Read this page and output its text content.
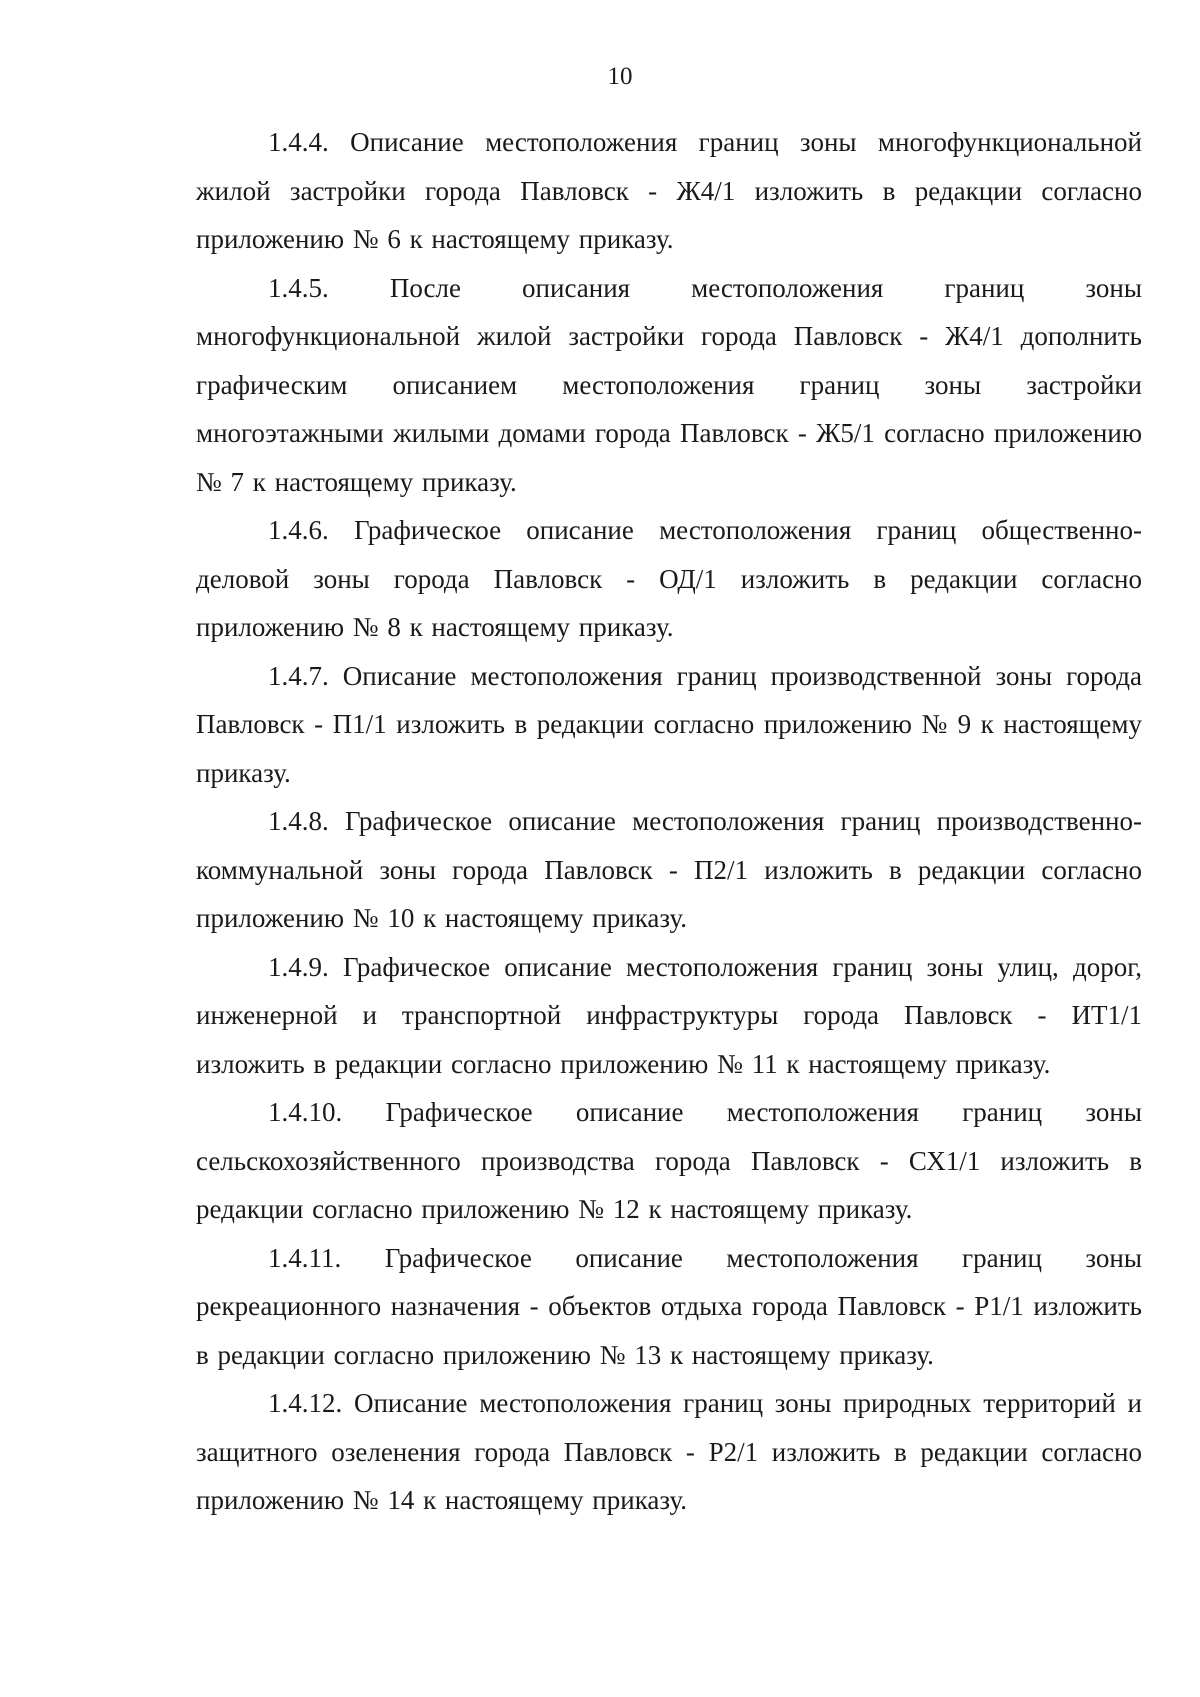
10

1.4.4. Описание местоположения границ зоны многофункциональной жилой застройки города Павловск - Ж4/1 изложить в редакции согласно приложению № 6 к настоящему приказу.

1.4.5. После описания местоположения границ зоны многофункциональной жилой застройки города Павловск - Ж4/1 дополнить графическим описанием местоположения границ зоны застройки многоэтажными жилыми домами города Павловск - Ж5/1 согласно приложению № 7 к настоящему приказу.

1.4.6. Графическое описание местоположения границ общественно-деловой зоны города Павловск - ОД/1 изложить в редакции согласно приложению № 8 к настоящему приказу.

1.4.7. Описание местоположения границ производственной зоны города Павловск - П1/1 изложить в редакции согласно приложению № 9 к настоящему приказу.

1.4.8. Графическое описание местоположения границ производственно-коммунальной зоны города Павловск - П2/1 изложить в редакции согласно приложению № 10 к настоящему приказу.

1.4.9. Графическое описание местоположения границ зоны улиц, дорог, инженерной и транспортной инфраструктуры города Павловск - ИТ1/1 изложить в редакции согласно приложению № 11 к настоящему приказу.

1.4.10. Графическое описание местоположения границ зоны сельскохозяйственного производства города Павловск - СХ1/1 изложить в редакции согласно приложению № 12 к настоящему приказу.

1.4.11. Графическое описание местоположения границ зоны рекреационного назначения - объектов отдыха города Павловск - Р1/1 изложить в редакции согласно приложению № 13 к настоящему приказу.

1.4.12. Описание местоположения границ зоны природных территорий и защитного озеленения города Павловск - Р2/1 изложить в редакции согласно приложению № 14 к настоящему приказу.
